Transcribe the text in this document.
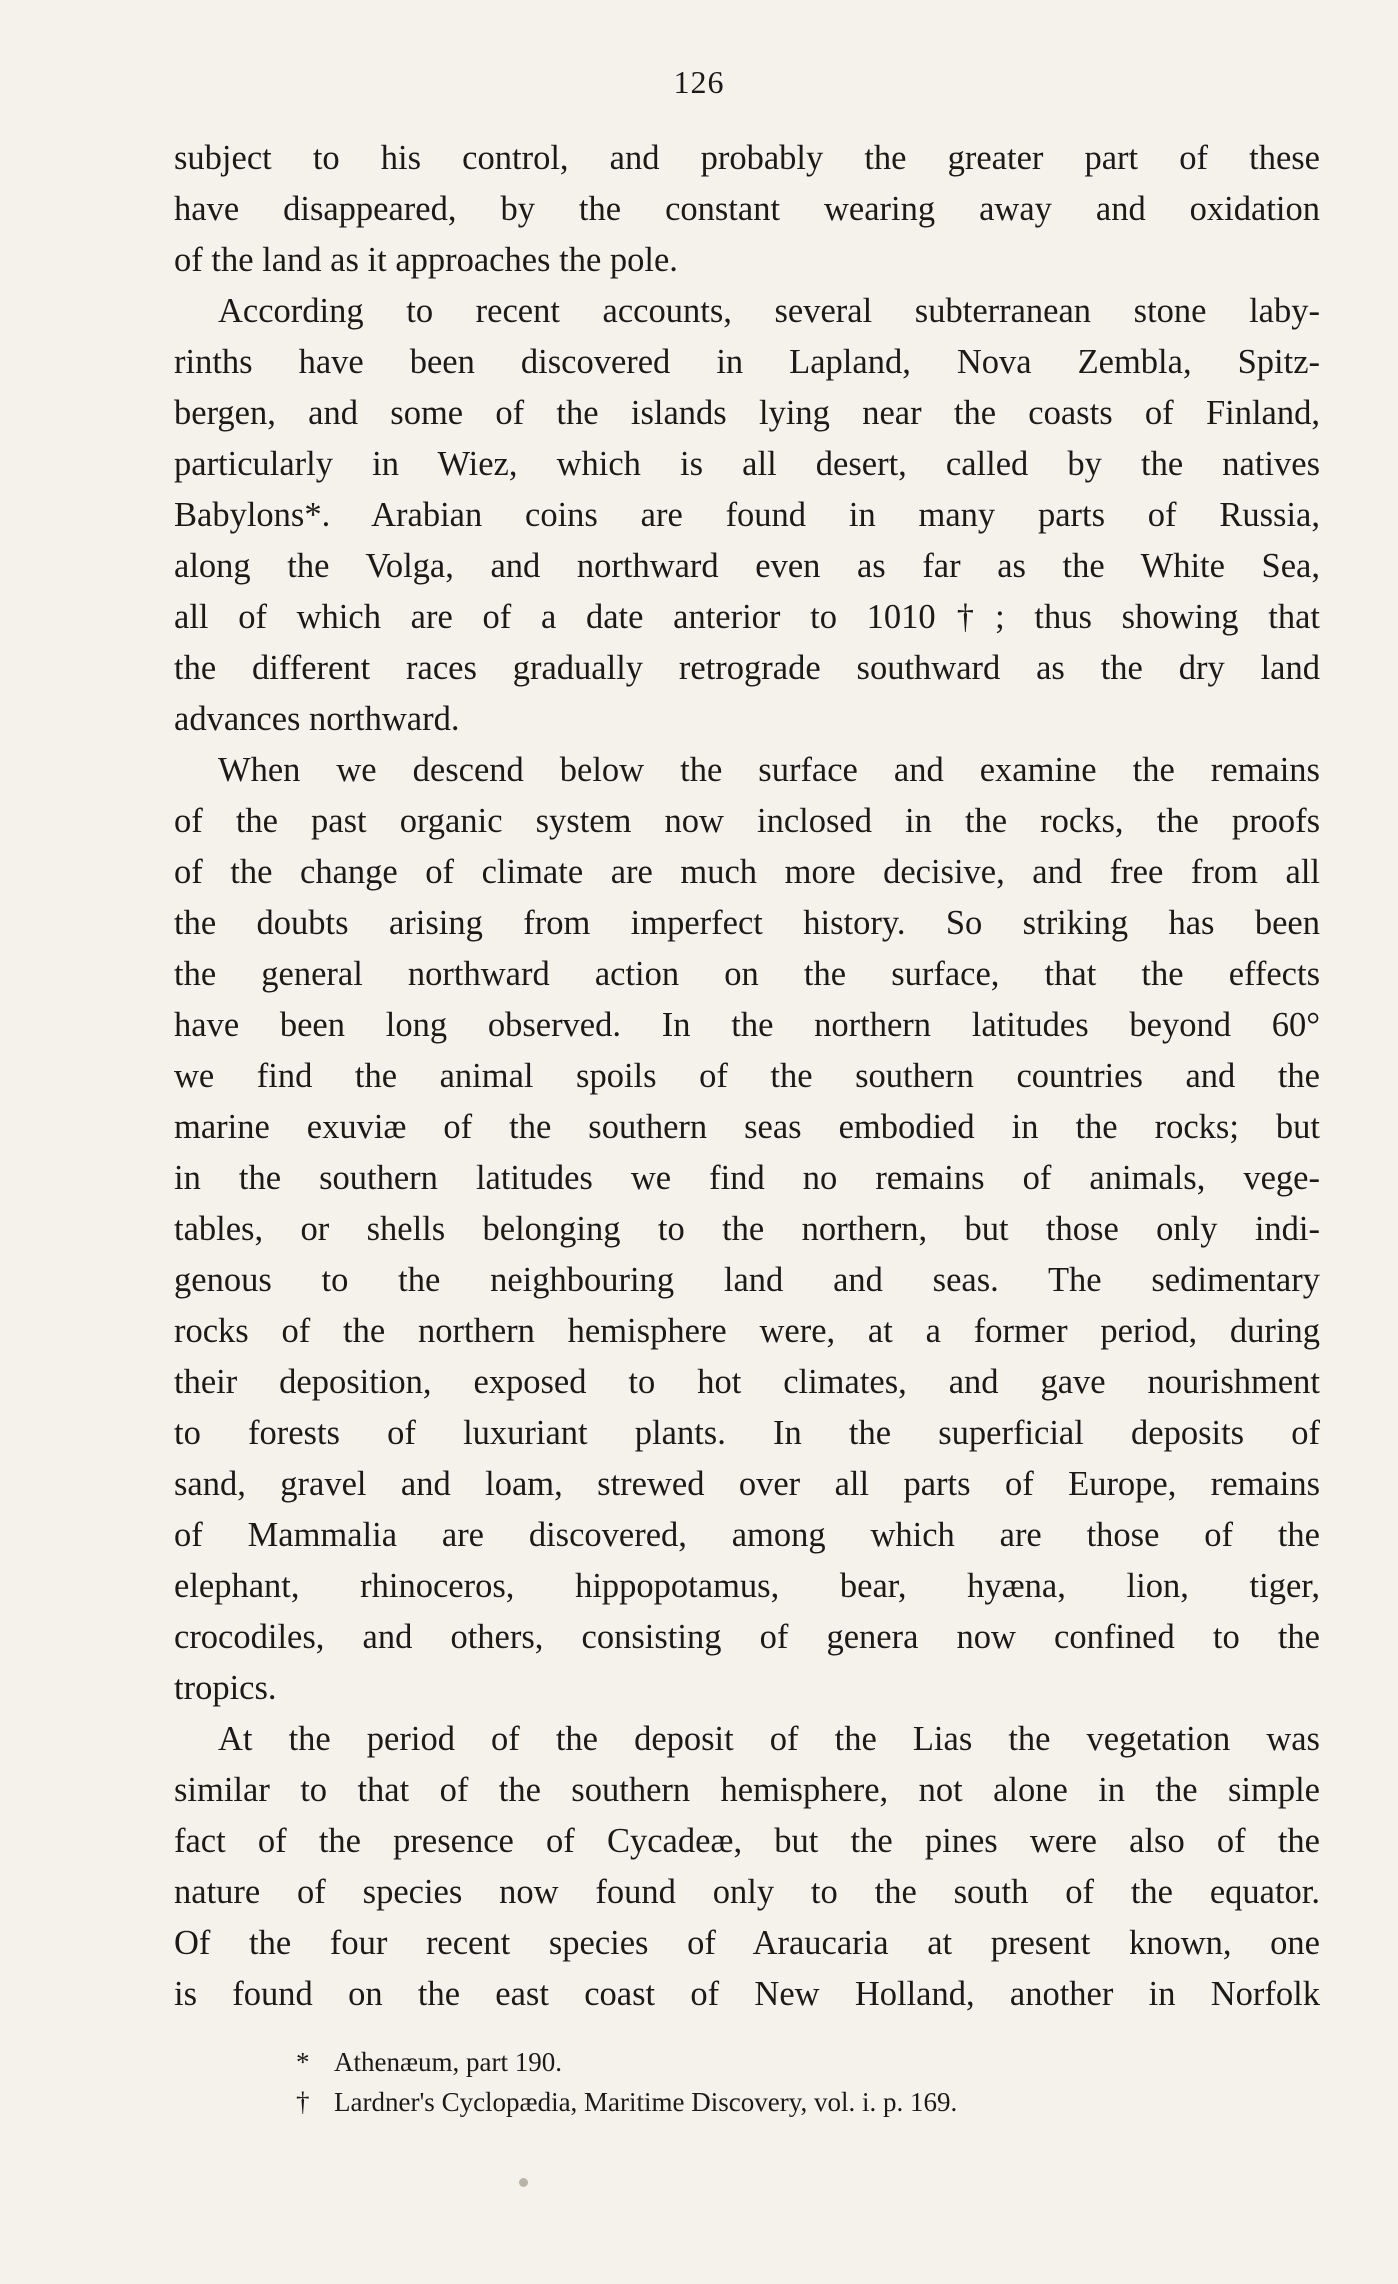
126
subject to his control, and probably the greater part of these
have disappeared, by the constant wearing away and oxidation
of the land as it approaches the pole.
According to recent accounts, several subterranean stone laby-
rinths have been discovered in Lapland, Nova Zembla, Spitz-
bergen, and some of the islands lying near the coasts of Finland,
particularly in Wiez, which is all desert, called by the natives
Babylons*. Arabian coins are found in many parts of Russia,
along the Volga, and northward even as far as the White Sea,
all of which are of a date anterior to 1010†; thus showing that
the different races gradually retrograde southward as the dry land
advances northward.
When we descend below the surface and examine the remains
of the past organic system now inclosed in the rocks, the proofs
of the change of climate are much more decisive, and free from all
the doubts arising from imperfect history. So striking has been
the general northward action on the surface, that the effects
have been long observed. In the northern latitudes beyond 60°
we find the animal spoils of the southern countries and the
marine exuviæ of the southern seas embodied in the rocks; but
in the southern latitudes we find no remains of animals, vege-
tables, or shells belonging to the northern, but those only indi-
genous to the neighbouring land and seas. The sedimentary
rocks of the northern hemisphere were, at a former period, during
their deposition, exposed to hot climates, and gave nourishment
to forests of luxuriant plants. In the superficial deposits of
sand, gravel and loam, strewed over all parts of Europe, remains
of Mammalia are discovered, among which are those of the
elephant, rhinoceros, hippopotamus, bear, hyæna, lion, tiger,
crocodiles, and others, consisting of genera now confined to the
tropics.
At the period of the deposit of the Lias the vegetation was
similar to that of the southern hemisphere, not alone in the simple
fact of the presence of Cycadeæ, but the pines were also of the
nature of species now found only to the south of the equator.
Of the four recent species of Araucaria at present known, one
is found on the east coast of New Holland, another in Norfolk
* Athenæum, part 190.
† Lardner's Cyclopædia, Maritime Discovery, vol. i. p. 169.
